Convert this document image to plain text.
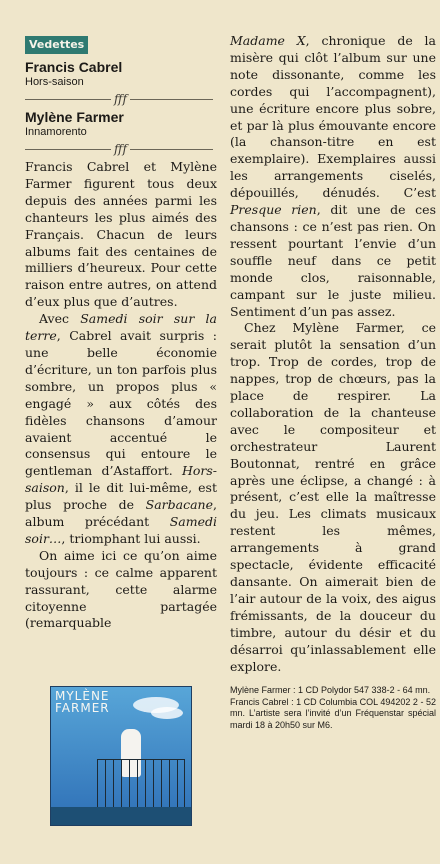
Vedettes
Francis Cabrel
Hors-saison
fff
Mylène Farmer
Innamorento
fff

Francis Cabrel et Mylène Farmer figurent tous deux depuis des années parmi les chanteurs les plus aimés des Français. Chacun de leurs albums fait des centaines de milliers d’heureux. Pour cette raison entre autres, on attend d’eux plus que d’autres.

Avec Samedi soir sur la terre, Cabrel avait surpris : une belle économie d’écriture, un ton parfois plus sombre, un propos plus « engagé » aux côtés des fidèles chansons d’amour avaient accentué le consensus qui entoure le gentleman d’Astaffort. Hors-saison, il le dit lui-même, est plus proche de Sarbacane, album précédant Samedi soir…, triomphant lui aussi.

On aime ici ce qu’on aime toujours : ce calme apparent rassurant, cette alarme citoyenne partagée (remarquable

MYLÈNE FARMER

Madame X, chronique de la misère qui clôt l’album sur une note dissonante, comme les cordes qui l’accompagnent), une écriture encore plus sobre, et par là plus émouvante encore (la chanson-titre en est exemplaire). Exemplaires aussi les arrangements ciselés, dépouillés, dénudés. C’est Presque rien, dit une de ces chansons : ce n’est pas rien. On ressent pourtant l’envie d’un souffle neuf dans ce petit monde clos, raisonnable, campant sur le juste milieu. Sentiment d’un pas assez.

Chez Mylène Farmer, ce serait plutôt la sensation d’un trop. Trop de cordes, trop de nappes, trop de chœurs, pas la place de respirer. La collaboration de la chanteuse avec le compositeur et orchestrateur Laurent Boutonnat, rentré en grâce après une éclipse, a changé : à présent, c’est elle la maîtresse du jeu. Les climats musicaux restent les mêmes, arrangements à grand spectacle, évidente efficacité dansante. On aimerait bien de l’air autour de la voix, des aigus frémissants, de la douceur du timbre, autour du désir et du désarroi qu’inlassablement elle explore.

Mylène Farmer : 1 CD Polydor 547 338-2 - 64 mn.
Francis Cabrel : 1 CD Columbia COL 494202 2 - 52 mn. L’artiste sera l’invité d’un Fréquenstar spécial mardi 18 à 20h50 sur M6.
